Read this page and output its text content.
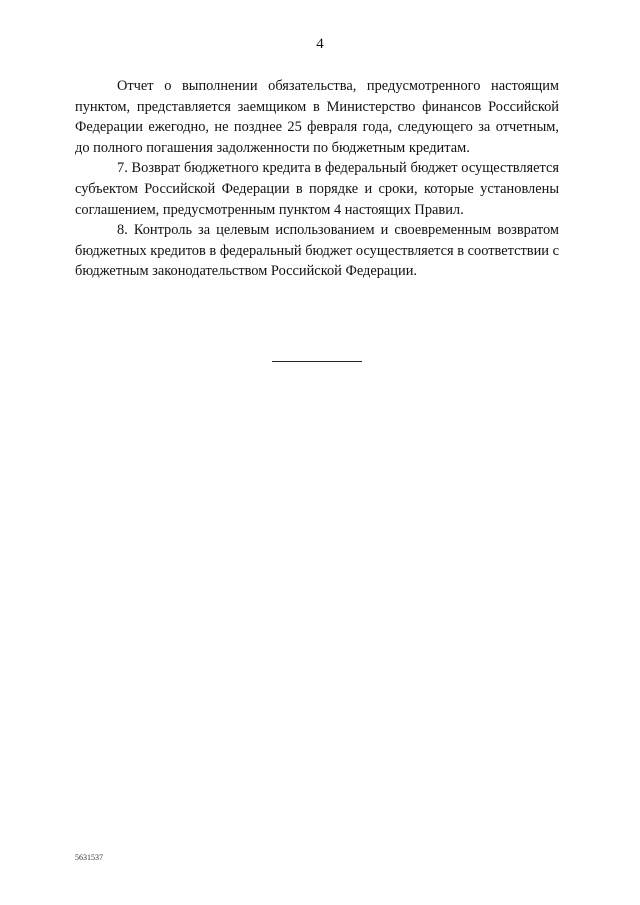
4

Отчет о выполнении обязательства, предусмотренного настоящим пунктом, представляется заемщиком в Министерство финансов Российской Федерации ежегодно, не позднее 25 февраля года, следующего за отчетным, до полного погашения задолженности по бюджетным кредитам.

7. Возврат бюджетного кредита в федеральный бюджет осуществляется субъектом Российской Федерации в порядке и сроки, которые установлены соглашением, предусмотренным пунктом 4 настоящих Правил.

8. Контроль за целевым использованием и своевременным возвратом бюджетных кредитов в федеральный бюджет осуществляется в соответствии с бюджетным законодательством Российской Федерации.

5631537
